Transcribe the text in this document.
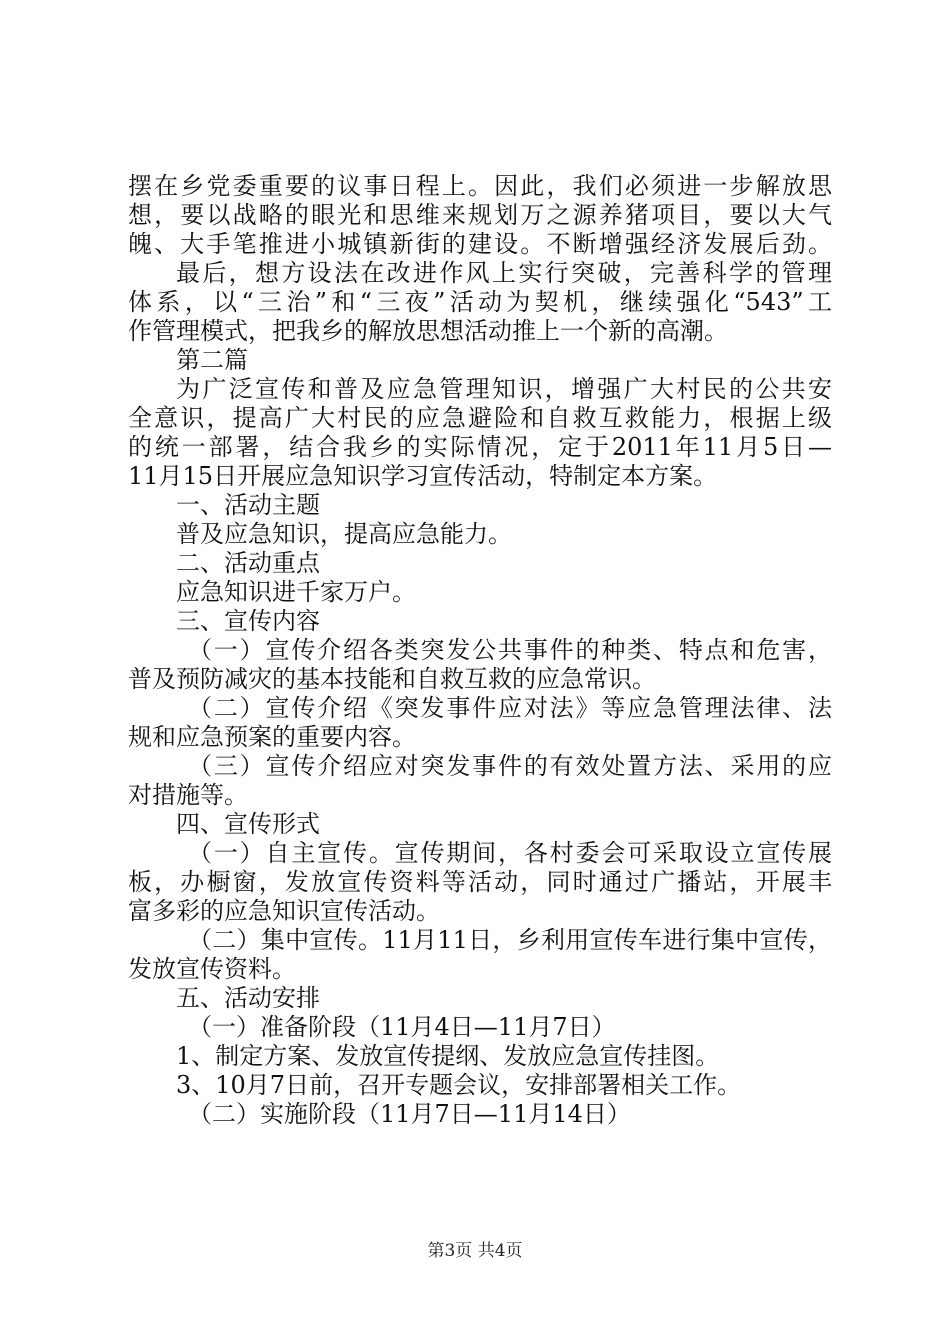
摆在乡党委重要的议事日程上。因此，我们必须进一步解放思
想，要以战略的眼光和思维来规划万之源养猪项目，要以大气
魄、大手笔推进小城镇新街的建设。不断增强经济发展后劲。
最后，想方设法在改进作风上实行突破，完善科学的管理
体系，以“三治”和“三夜”活动为契机，继续强化“543”工
作管理模式，把我乡的解放思想活动推上一个新的高潮。
第二篇
为广泛宣传和普及应急管理知识，增强广大村民的公共安
全意识，提高广大村民的应急避险和自救互救能力，根据上级
的统一部署，结合我乡的实际情况，定于2011年11月5日—
11月15日开展应急知识学习宣传活动，特制定本方案。
一、活动主题
普及应急知识，提高应急能力。
二、活动重点
应急知识进千家万户。
三、宣传内容
（一）宣传介绍各类突发公共事件的种类、特点和危害，
普及预防减灾的基本技能和自救互救的应急常识。
（二）宣传介绍《突发事件应对法》等应急管理法律、法
规和应急预案的重要内容。
（三）宣传介绍应对突发事件的有效处置方法、采用的应
对措施等。
四、宣传形式
（一）自主宣传。宣传期间，各村委会可采取设立宣传展
板，办橱窗，发放宣传资料等活动，同时通过广播站，开展丰
富多彩的应急知识宣传活动。
（二）集中宣传。11月11日，乡利用宣传车进行集中宣传，
发放宣传资料。
五、活动安排
（一）准备阶段（11月4日—11月7日）
1、制定方案、发放宣传提纲、发放应急宣传挂图。
3、10月7日前，召开专题会议，安排部署相关工作。
（二）实施阶段（11月7日—11月14日）
第3页 共4页
